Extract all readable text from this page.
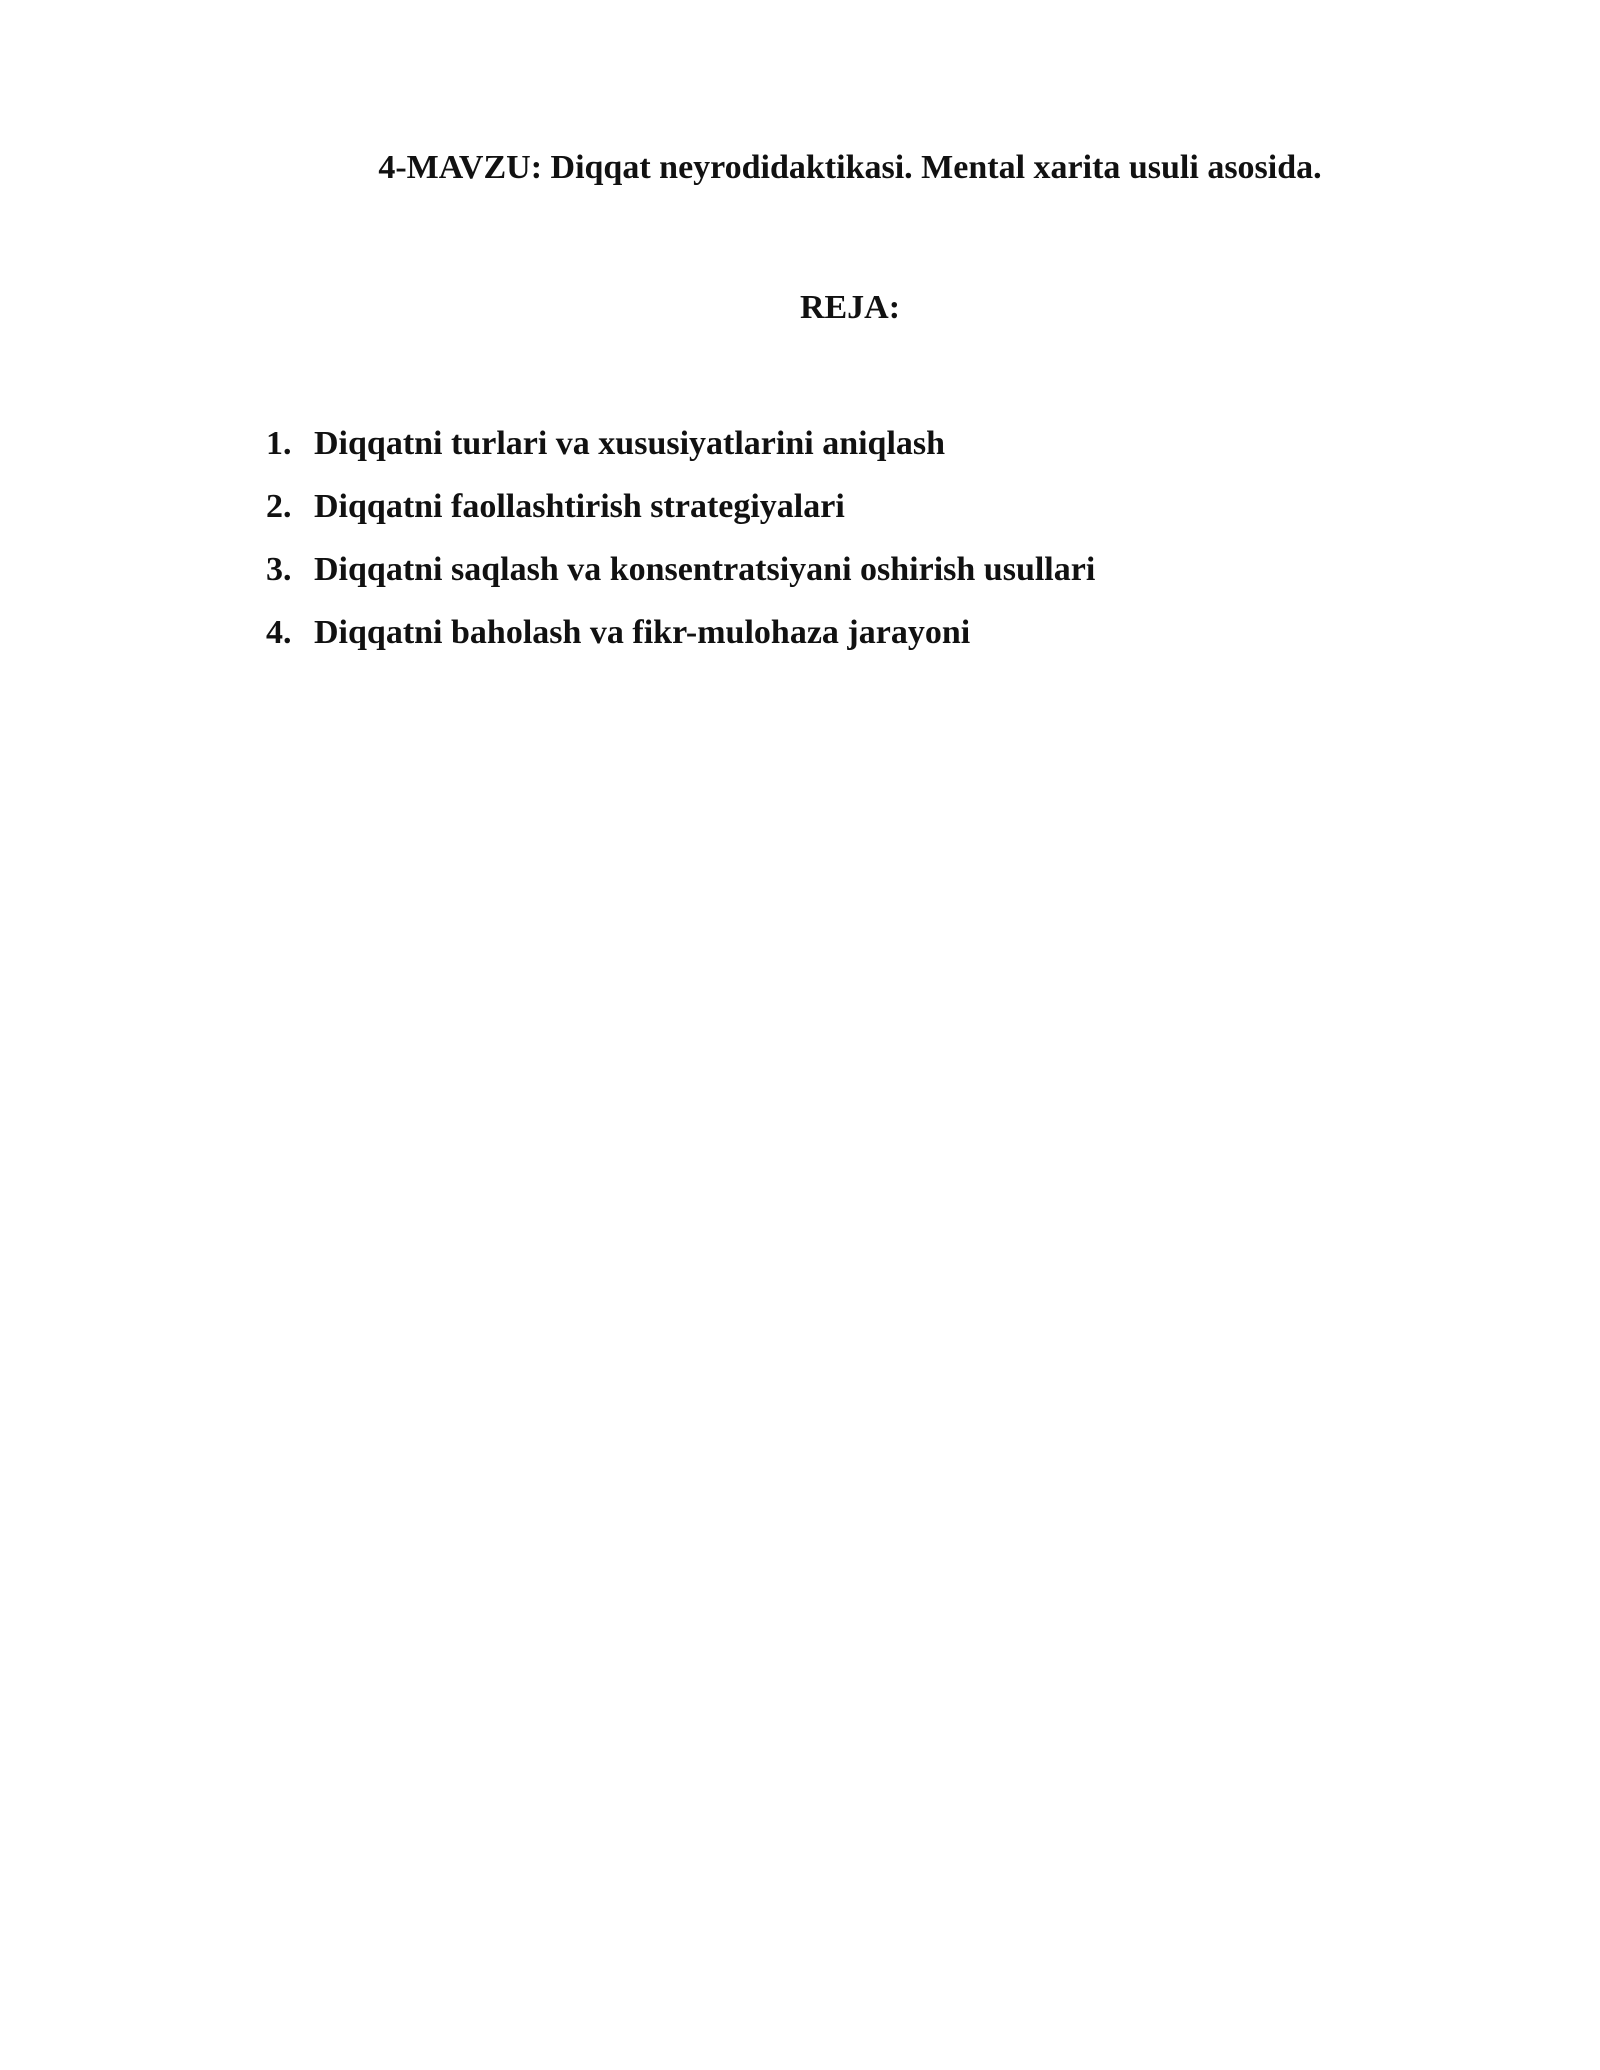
4-MAVZU: Diqqat neyrodidaktikasi. Mental xarita usuli asosida.
REJA:
1. Diqqatni turlari va xususiyatlarini aniqlash
2. Diqqatni faollashtirish strategiyalari
3. Diqqatni saqlash va konsentratsiyani oshirish usullari
4. Diqqatni baholash va fikr-mulohaza jarayoni
